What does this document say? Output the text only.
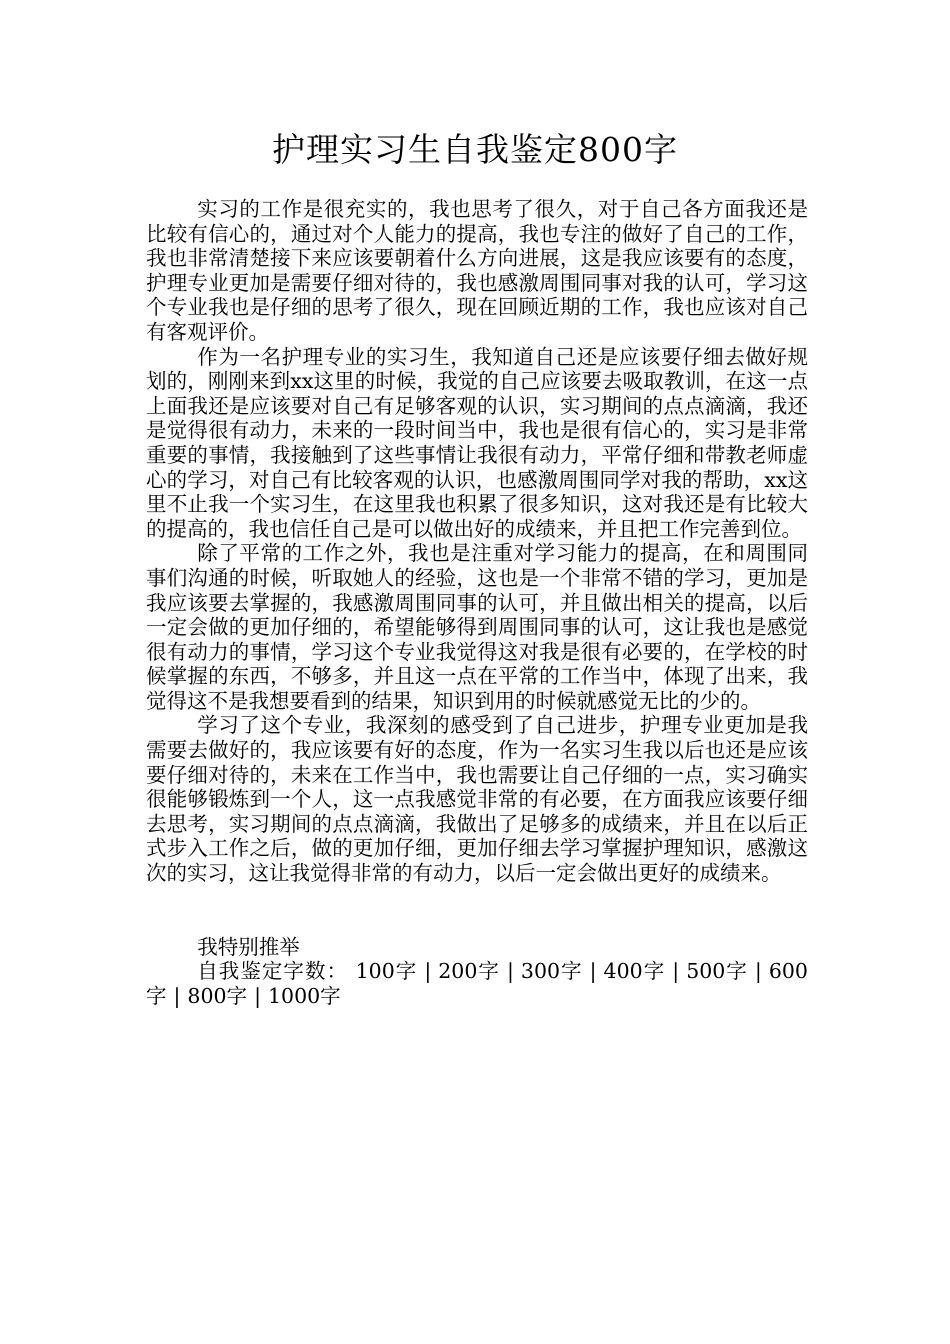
护理实习生自我鉴定800字

实习的工作是很充实的，我也思考了很久，对于自己各方面我还是比较有信心的，通过对个人能力的提高，我也专注的做好了自己的工作，我也非常清楚接下来应该要朝着什么方向进展，这是我应该要有的态度，护理专业更加是需要仔细对待的，我也感激周围同事对我的认可，学习这个专业我也是仔细的思考了很久，现在回顾近期的工作，我也应该对自己有客观评价。

作为一名护理专业的实习生，我知道自己还是应该要仔细去做好规划的，刚刚来到xx这里的时候，我觉的自己应该要去吸取教训，在这一点上面我还是应该要对自己有足够客观的认识，实习期间的点点滴滴，我还是觉得很有动力，未来的一段时间当中，我也是很有信心的，实习是非常重要的事情，我接触到了这些事情让我很有动力，平常仔细和带教老师虚心的学习，对自己有比较客观的认识，也感激周围同学对我的帮助，xx这里不止我一个实习生，在这里我也积累了很多知识，这对我还是有比较大的提高的，我也信任自己是可以做出好的成绩来，并且把工作完善到位。

除了平常的工作之外，我也是注重对学习能力的提高，在和周围同事们沟通的时候，听取她人的经验，这也是一个非常不错的学习，更加是我应该要去掌握的，我感激周围同事的认可，并且做出相关的提高，以后一定会做的更加仔细的，希望能够得到周围同事的认可，这让我也是感觉很有动力的事情，学习这个专业我觉得这对我是很有必要的，在学校的时候掌握的东西，不够多，并且这一点在平常的工作当中，体现了出来，我觉得这不是我想要看到的结果，知识到用的时候就感觉无比的少的。

学习了这个专业，我深刻的感受到了自己进步，护理专业更加是我需要去做好的，我应该要有好的态度，作为一名实习生我以后也还是应该要仔细对待的，未来在工作当中，我也需要让自己仔细的一点，实习确实很能够锻炼到一个人，这一点我感觉非常的有必要，在方面我应该要仔细去思考，实习期间的点点滴滴，我做出了足够多的成绩来，并且在以后正式步入工作之后，做的更加仔细，更加仔细去学习掌握护理知识，感激这次的实习，这让我觉得非常的有动力，以后一定会做出更好的成绩来。

我特别推举

自我鉴定字数： 100字 | 200字 | 300字 | 400字 | 500字 | 600字 | 800字 | 1000字
